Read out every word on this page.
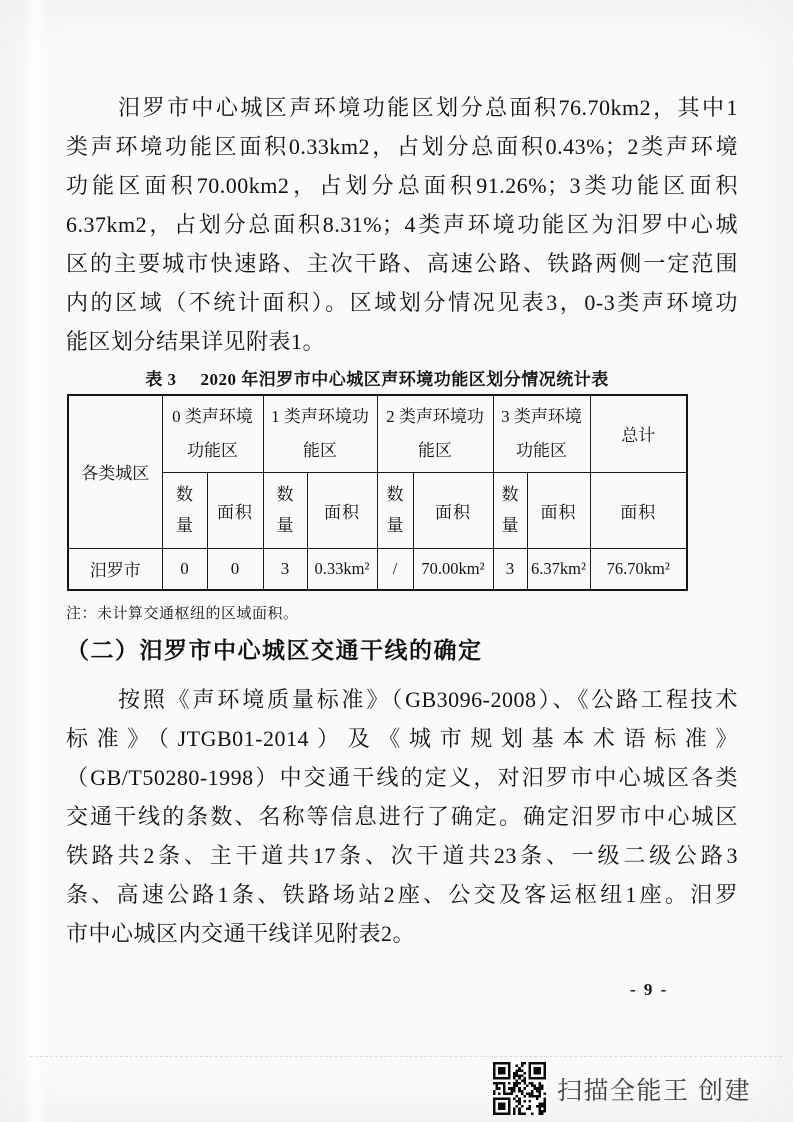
汨罗市中心城区声环境功能区划分总面积76.70km2，其中1
类声环境功能区面积0.33km2，占划分总面积0.43%；2类声环境
功能区面积70.00km2，占划分总面积91.26%；3类功能区面积
6.37km2，占划分总面积8.31%；4类声环境功能区为汨罗中心城
区的主要城市快速路、主次干路、高速公路、铁路两侧一定范围
内的区域（不统计面积）。区域划分情况见表3，0-3类声环境功
能区划分结果详见附表1。
表 3 2020 年汨罗市中心城区声环境功能区划分情况统计表
各类城区	0 类声环境
功能区		1 类声环境功
能区		2 类声环境功
能区		3 类声环境
功能区		总计
	数量	面积	数量	面积	数量	面积	数量	面积	面积
汨罗市	0	0	3	0.33km²	/	70.00km²	3	6.37km²	76.70km²
注：未计算交通枢纽的区域面积。
（二）汨罗市中心城区交通干线的确定
按照《声环境质量标准》（GB3096-2008）、《公路工程技术
标准》（JTGB01-2014）及《城市规划基本术语标准》
（GB/T50280-1998）中交通干线的定义，对汨罗市中心城区各类
交通干线的条数、名称等信息进行了确定。确定汨罗市中心城区
铁路共2条、主干道共17条、次干道共23条、一级二级公路3
条、高速公路1条、铁路场站2座、公交及客运枢纽1座。汨罗
市中心城区内交通干线详见附表2。
- 9 -
扫描全能王 创建
